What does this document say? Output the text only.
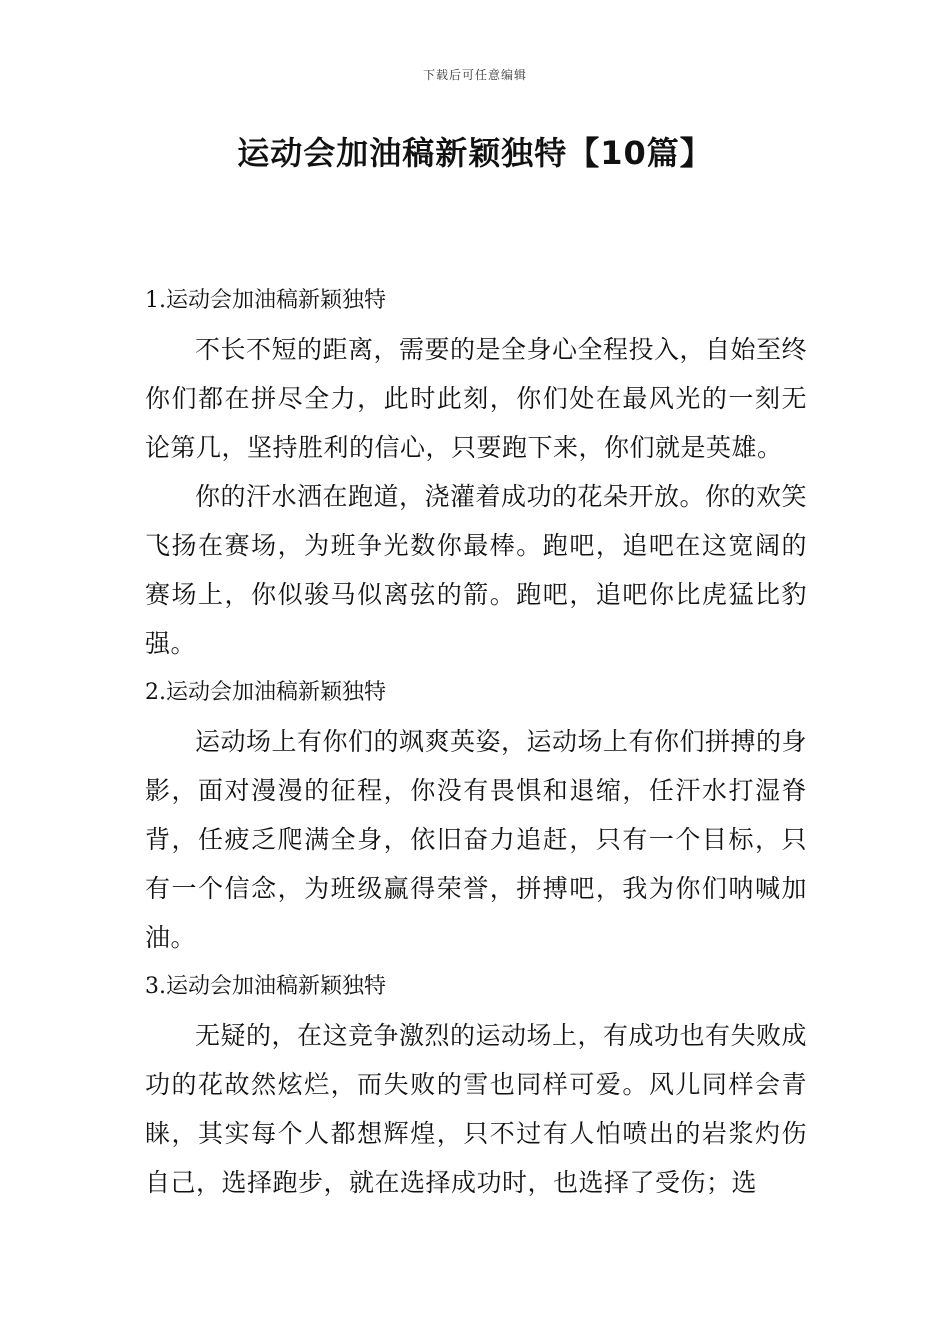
下载后可任意编辑
运动会加油稿新颖独特【10篇】
1.运动会加油稿新颖独特

不长不短的距离，需要的是全身心全程投入，自始至终你们都在拼尽全力，此时此刻，你们处在最风光的一刻无论第几，坚持胜利的信心，只要跑下来，你们就是英雄。

你的汗水洒在跑道，浇灌着成功的花朵开放。你的欢笑飞扬在赛场，为班争光数你最棒。跑吧，追吧在这宽阔的赛场上，你似骏马似离弦的箭。跑吧，追吧你比虎猛比豹强。

2.运动会加油稿新颖独特

运动场上有你们的飒爽英姿，运动场上有你们拼搏的身影，面对漫漫的征程，你没有畏惧和退缩，任汗水打湿脊背，任疲乏爬满全身，依旧奋力追赶，只有一个目标，只有一个信念，为班级赢得荣誉，拼搏吧，我为你们呐喊加油。

3.运动会加油稿新颖独特

无疑的，在这竞争激烈的运动场上，有成功也有失败成功的花故然炫烂，而失败的雪也同样可爱。风儿同样会青睐，其实每个人都想辉煌，只不过有人怕喷出的岩浆灼伤自己，选择跑步，就在选择成功时，也选择了受伤；选
